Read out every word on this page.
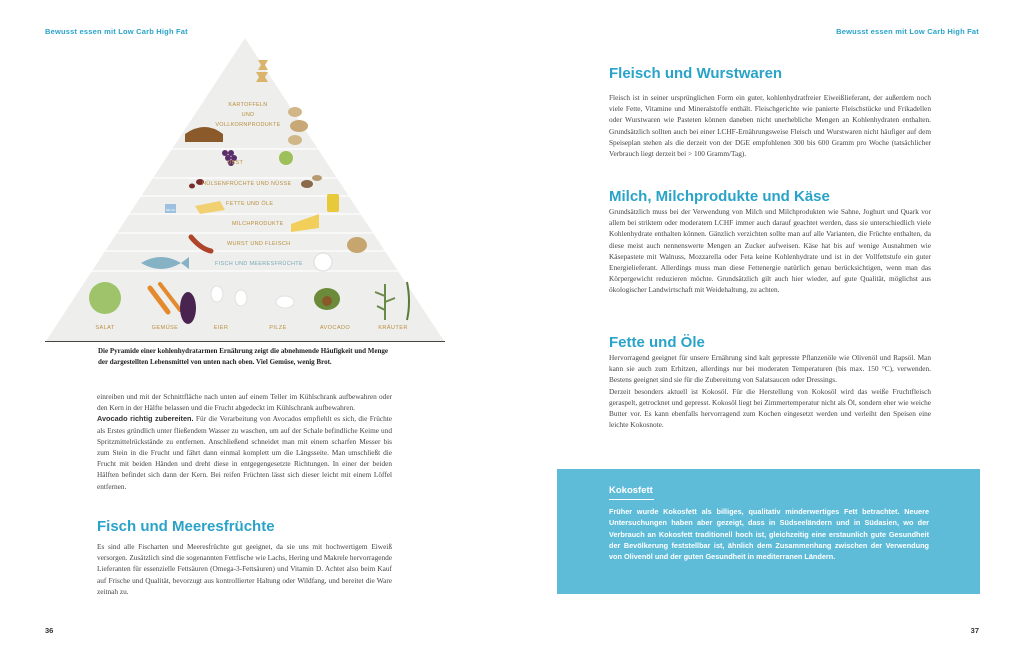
Bewusst essen mit Low Carb High Fat
KARTOFFELN
UND
VOLLKORNPRODUKTE
OBST
HÜLSENFRÜCHTE UND NÜSSE
MILCH
FETTE UND ÖLE
MILCHPRODUKTE
WURST UND FLEISCH
FISCH UND MEERESFRÜCHTE
SALAT	GEMÜSE	EIER	PILZE	AVOCADO	KRÄUTER
Die Pyramide einer kohlenhydratarmen Ernährung zeigt die abnehmende Häufigkeit und Menge der dargestellten Lebensmittel von unten nach oben. Viel Gemüse, wenig Brot.

einreiben und mit der Schnittfläche nach unten auf einem Teller im Kühlschrank aufbewahren oder den Kern in der Hälfte belassen und die Frucht abgedeckt im Kühlschrank aufbewahren.

Avocado richtig zubereiten. Für die Verarbeitung von Avocados empfiehlt es sich, die Früchte als Erstes gründlich unter fließendem Wasser zu waschen, um auf der Schale befindliche Keime und Spritzmittelrückstände zu entfernen. Anschließend schneidet man mit einem scharfen Messer bis zum Stein in die Frucht und fährt dann einmal komplett um die Längsseite. Man umschließt die Frucht mit beiden Händen und dreht diese in entgegengesetzte Richtungen. In einer der beiden Hälften befindet sich dann der Kern. Bei reifen Früchten lässt sich dieser leicht mit einem Löffel entfernen.

Fisch und Meeresfrüchte
Es sind alle Fischarten und Meeresfrüchte gut geeignet, da sie uns mit hochwertigem Eiweiß versorgen. Zusätzlich sind die sogenannten Fettfische wie Lachs, Hering und Makrele hervorragende Lieferanten für essenzielle Fettsäuren (Omega-3-Fettsäuren) und Vitamin D. Achtet also beim Kauf auf Frische und Qualität, bevorzugt aus kontrollierter Haltung oder Wildfang, und bereitet die Ware zeitnah zu.
36
Bewusst essen mit Low Carb High Fat
Fleisch und Wurstwaren
Fleisch ist in seiner ursprünglichen Form ein guter, kohlenhydratfreier Eiweißlieferant, der außerdem noch viele Fette, Vitamine und Mineralstoffe enthält. Fleischgerichte wie panierte Fleischstücke und Frikadellen oder Wurstwaren wie Pasteten können daneben nicht unerhebliche Mengen an Kohlenhydraten enthalten. Grundsätzlich sollten auch bei einer LCHF-Ernährungsweise Fleisch und Wurstwaren nicht häufiger auf dem Speiseplan stehen als die derzeit von der DGE empfohlenen 300 bis 600 Gramm pro Woche (tatsächlicher Verbrauch liegt derzeit bei > 100 Gramm/Tag).
Milch, Milchprodukte und Käse
Grundsätzlich muss bei der Verwendung von Milch und Milchprodukten wie Sahne, Joghurt und Quark vor allem bei striktem oder moderatem LCHF immer auch darauf geachtet werden, dass sie unterschiedlich viele Kohlenhydrate enthalten können. Gänzlich verzichten sollte man auf alle Varianten, die Früchte enthalten, da diese meist auch nennenswerte Mengen an Zucker aufweisen. Käse hat bis auf wenige Ausnahmen wie Käsepastete mit Walnuss, Mozzarella oder Feta keine Kohlenhydrate und ist in der Vollfettstufe ein guter Energielieferant. Allerdings muss man diese Fettenergie natürlich genau berücksichtigen, wenn man das Körpergewicht reduzieren möchte. Grundsätzlich gilt auch hier wieder, auf gute Qualität, möglichst aus ökologischer Landwirtschaft mit Weidehaltung, zu achten.
Fette und Öle

Hervorragend geeignet für unsere Ernährung sind kalt gepresste Pflanzenöle wie Olivenöl und Rapsöl. Man kann sie auch zum Erhitzen, allerdings nur bei moderaten Temperaturen (bis max. 150 °C), verwenden. Bestens geeignet sind sie für die Zubereitung von Salatsaucen oder Dressings.

Derzeit besonders aktuell ist Kokosöl. Für die Herstellung von Kokosöl wird das weiße Fruchtfleisch geraspelt, getrocknet und gepresst. Kokosöl liegt bei Zimmertemperatur nicht als Öl, sondern eher wie weiche Butter vor. Es kann ebenfalls hervorragend zum Kochen eingesetzt werden und verleiht den Speisen eine leichte Kokosnote.

37
Kokosfett
Früher wurde Kokosfett als billiges, qualitativ minderwertiges Fett betrachtet. Neuere Untersuchungen haben aber gezeigt, dass in Südseeländern und in Südasien, wo der Verbrauch an Kokosfett traditionell hoch ist, gleichzeitig eine erstaunlich gute Gesundheit der Bevölkerung feststellbar ist, ähnlich dem Zusammenhang zwischen der Verwendung von Olivenöl und der guten Gesundheit in mediterranen Ländern.
